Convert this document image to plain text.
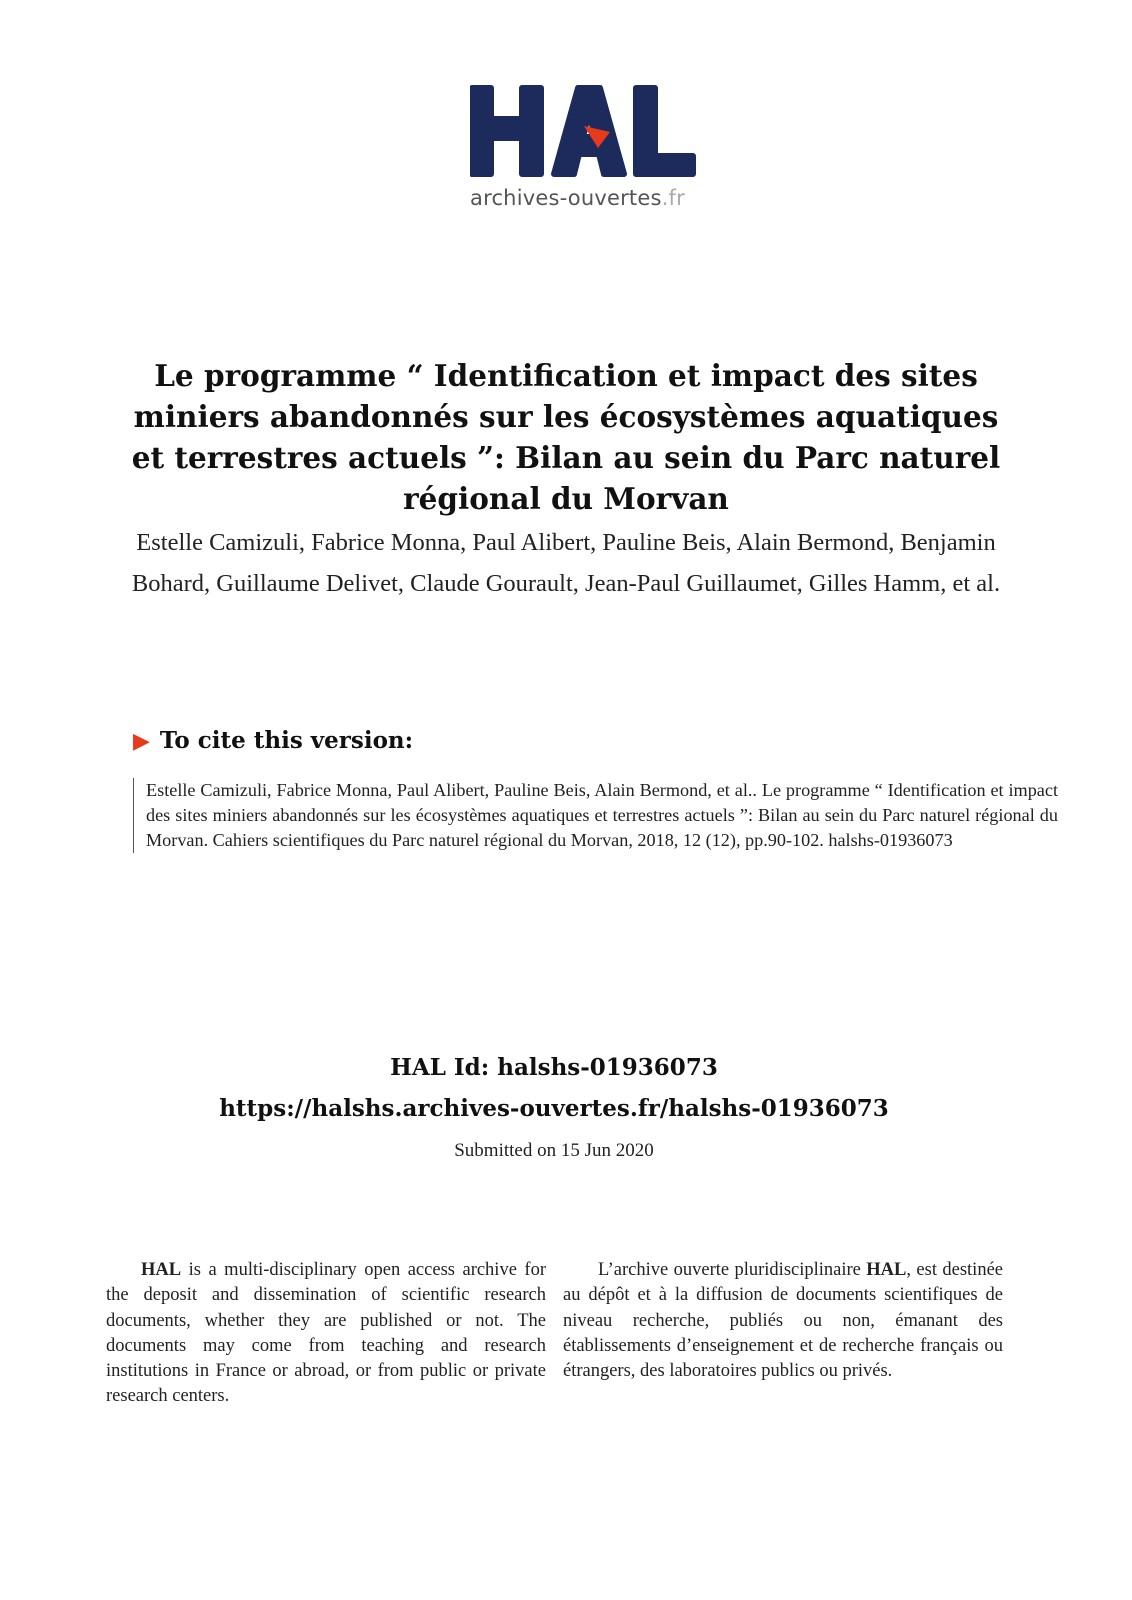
archives-ouvertes.fr
Le programme “ Identification et impact des sites miniers abandonnés sur les écosystèmes aquatiques et terrestres actuels ”: Bilan au sein du Parc naturel régional du Morvan

Estelle Camizuli, Fabrice Monna, Paul Alibert, Pauline Beis, Alain Bermond, Benjamin Bohard, Guillaume Delivet, Claude Gourault, Jean-Paul Guillaumet, Gilles Hamm, et al.

▶ To cite this version:

Estelle Camizuli, Fabrice Monna, Paul Alibert, Pauline Beis, Alain Bermond, et al.. Le programme “ Identification et impact des sites miniers abandonnés sur les écosystèmes aquatiques et terrestres actuels ”: Bilan au sein du Parc naturel régional du Morvan. Cahiers scientifiques du Parc naturel régional du Morvan, 2018, 12 (12), pp.90-102. halshs-01936073

HAL Id: halshs-01936073

https://halshs.archives-ouvertes.fr/halshs-01936073

Submitted on 15 Jun 2020

HAL is a multi-disciplinary open access archive for the deposit and dissemination of scientific research documents, whether they are published or not. The documents may come from teaching and research institutions in France or abroad, or from public or private research centers.

L’archive ouverte pluridisciplinaire HAL, est destinée au dépôt et à la diffusion de documents scientifiques de niveau recherche, publiés ou non, émanant des établissements d’enseignement et de recherche français ou étrangers, des laboratoires publics ou privés.
